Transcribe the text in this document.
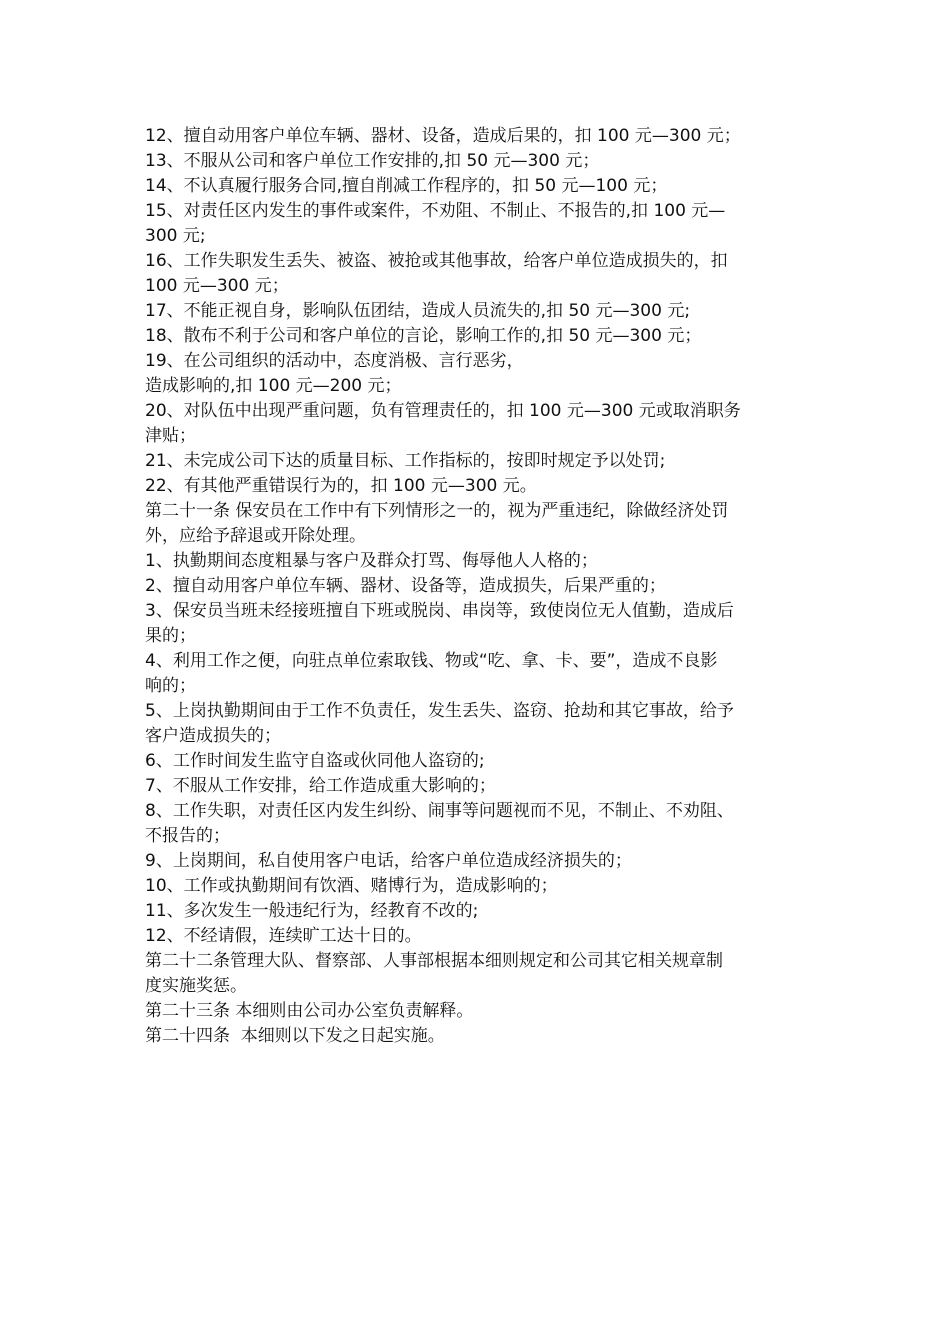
12、擅自动用客户单位车辆、器材、设备，造成后果的，扣 100 元—300 元；

13、不服从公司和客户单位工作安排的,扣 50 元—300 元；

14、不认真履行服务合同,擅自削减工作程序的，扣 50 元—100 元；

15、对责任区内发生的事件或案件，不劝阻、不制止、不报告的,扣 100 元—

300 元;

16、工作失职发生丢失、被盗、被抢或其他事故，给客户单位造成损失的，扣

100 元—300 元；

17、不能正视自身，影响队伍团结，造成人员流失的,扣 50 元—300 元;

18、散布不利于公司和客户单位的言论，影响工作的,扣 50 元—300 元；

19、在公司组织的活动中，态度消极、言行恶劣，

造成影响的,扣 100 元—200 元；

20、对队伍中出现严重问题，负有管理责任的，扣 100 元—300 元或取消职务

津贴；

21、未完成公司下达的质量目标、工作指标的，按即时规定予以处罚;

22、有其他严重错误行为的，扣 100 元—300 元。

第二十一条 保安员在工作中有下列情形之一的，视为严重违纪，除做经济处罚

外，应给予辞退或开除处理。

1、执勤期间态度粗暴与客户及群众打骂、侮辱他人人格的；

2、擅自动用客户单位车辆、器材、设备等，造成损失，后果严重的；

3、保安员当班未经接班擅自下班或脱岗、串岗等，致使岗位无人值勤，造成后

果的；

4、利用工作之便，向驻点单位索取钱、物或“吃、拿、卡、要”，造成不良影

响的；

5、上岗执勤期间由于工作不负责任，发生丢失、盗窃、抢劫和其它事故，给予

客户造成损失的；

6、工作时间发生监守自盗或伙同他人盗窃的;

7、不服从工作安排，给工作造成重大影响的；

8、工作失职，对责任区内发生纠纷、闹事等问题视而不见，不制止、不劝阻、

不报告的；

9、上岗期间，私自使用客户电话，给客户单位造成经济损失的；

10、工作或执勤期间有饮酒、赌博行为，造成影响的；

11、多次发生一般违纪行为，经教育不改的;

12、不经请假，连续旷工达十日的。

第二十二条管理大队、督察部、人事部根据本细则规定和公司其它相关规章制

度实施奖惩。

第二十三条 本细则由公司办公室负责解释。

第二十四条  本细则以下发之日起实施。
